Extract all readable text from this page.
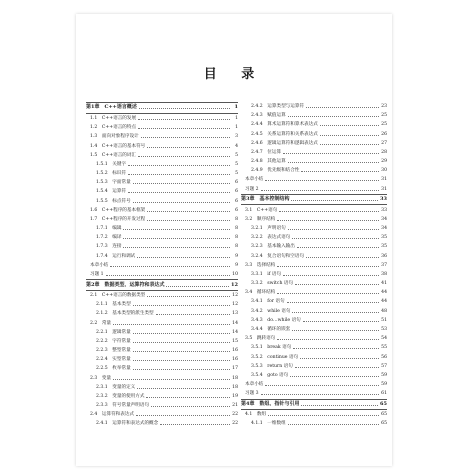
目 录
第1章　C++语言概述	1
1.1　C++语言的发展	1
1.2　C++语言的特点	1
1.3　面向对象程序设计	3
1.4　C++语言的基本符号	4
1.5　C++语言的词汇	5
1.5.1　关键字	5
1.5.2　标识符	5
1.5.3　字面常量	6
1.5.4　运算符	6
1.5.5　标点符号	6
1.6　C++程序的基本框架	6
1.7　C++程序的开发过程	8
1.7.1　编辑	8
1.7.2　编译	8
1.7.3　连接	8
1.7.4　运行和调试	9
本章小结	9
习题 1	10
第2章　数据类型、运算符和表达式	12
2.1　C++语言的数据类型	12
2.1.1　基本类型	12
2.1.2　基本类型的派生类型	13
2.2　常量	14
2.2.1　逻辑常量	14
2.2.2　字符常量	15
2.2.3　整型常量	16
2.2.4　实型常量	16
2.2.5　枚举常量	17
2.3　变量	18
2.3.1　变量的定义	18
2.3.2　变量的使用方式	19
2.3.3　符号常量声明语句	21
2.4　运算符和表达式	22
2.4.1　运算符和表达式的概念	22
2.4.2　运算类型与运算符	23
2.4.3　赋值运算	25
2.4.4　算术运算符和算术表达式	25
2.4.5　关系运算符和关系表达式	26
2.4.6　逻辑运算符和逻辑表达式	27
2.4.7　位运算	28
2.4.8　其他运算	29
2.4.9　优先级和结合性	30
本章小结	31
习题 2	31
第3章　基本控制结构	33
3.1　C++语句	33
3.2　顺序结构	34
3.2.1　声明语句	34
3.2.2　表达式语句	35
3.2.3　基本输入输出	35
3.2.4　复合语句和空语句	36
3.3　选择结构	37
3.3.1　if 语句	38
3.3.2　switch 语句	41
3.4　循环结构	44
3.4.1　for 语句	44
3.4.2　while 语句	48
3.4.3　do…while 语句	51
3.4.4　循环的嵌套	53
3.5　跳转语句	54
3.5.1　break 语句	55
3.5.2　continue 语句	56
3.5.3　return 语句	57
3.5.4　goto 语句	59
本章小结	59
习题 3	61
第4章　数组、指针与引用	65
4.1　数组	65
4.1.1　一维数组	65
